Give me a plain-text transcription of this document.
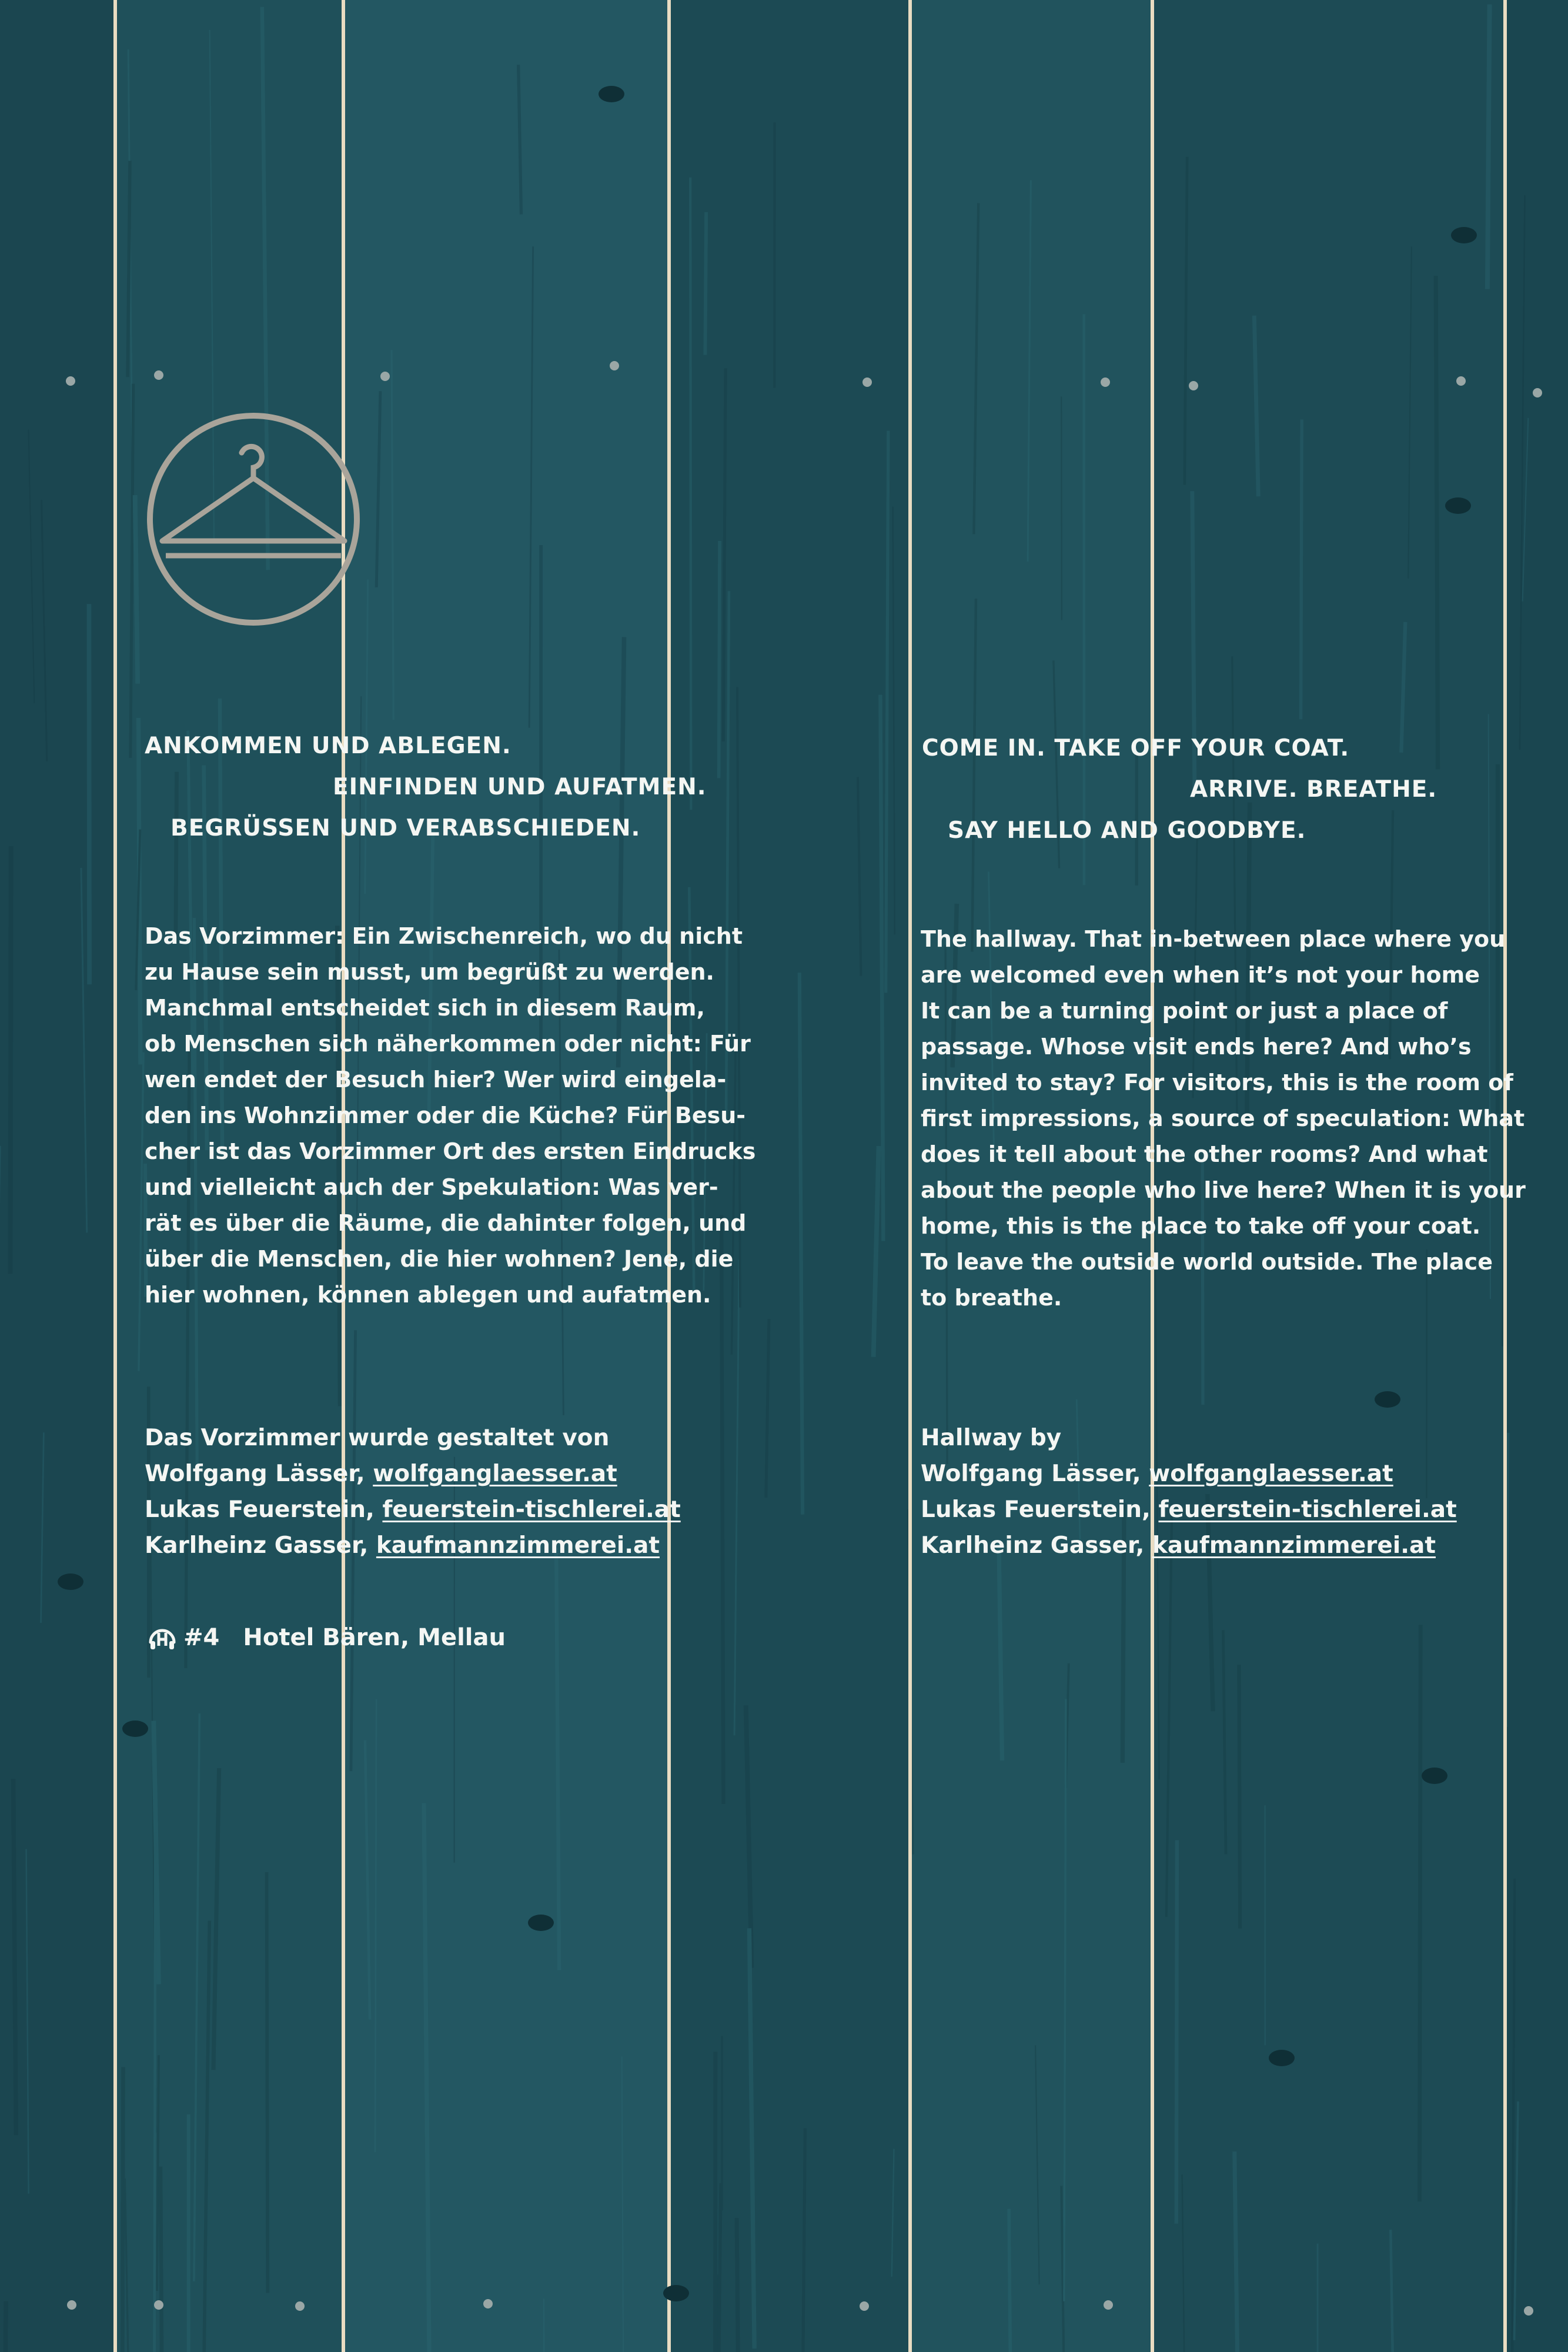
ANKOMMEN UND ABLEGEN.
EINFINDEN UND AUFATMEN.
BEGRÜSSEN UND VERABSCHIEDEN.
COME IN. TAKE OFF YOUR COAT.
ARRIVE. BREATHE.
SAY HELLO AND GOODBYE.
Das Vorzimmer: Ein Zwischenreich, wo du nicht
zu Hause sein musst, um begrüßt zu werden.
Manchmal entscheidet sich in diesem Raum,
ob Menschen sich näherkommen oder nicht: Für
wen endet der Besuch hier? Wer wird eingela-
den ins Wohnzimmer oder die Küche? Für Besu-
cher ist das Vorzimmer Ort des ersten Eindrucks
und vielleicht auch der Spekulation: Was ver-
rät es über die Räume, die dahinter folgen, und
über die Menschen, die hier wohnen? Jene, die
hier wohnen, können ablegen und aufatmen.
The hallway. That in-between place where you
are welcomed even when it’s not your home
It can be a turning point or just a place of
passage. Whose visit ends here? And who’s
invited to stay? For visitors, this is the room of
first impressions, a source of speculation: What
does it tell about the other rooms? And what
about the people who live here? When it is your
home, this is the place to take off your coat.
To leave the outside world outside. The place
to breathe.
Das Vorzimmer wurde gestaltet von
Wolfgang Lässer, wolfganglaesser.at
Lukas Feuerstein, feuerstein-tischlerei.at
Karlheinz Gasser, kaufmannzimmerei.at
Hallway by
Wolfgang Lässer, wolfganglaesser.at
Lukas Feuerstein, feuerstein-tischlerei.at
Karlheinz Gasser, kaufmannzimmerei.at
#4 Hotel Bären, Mellau
